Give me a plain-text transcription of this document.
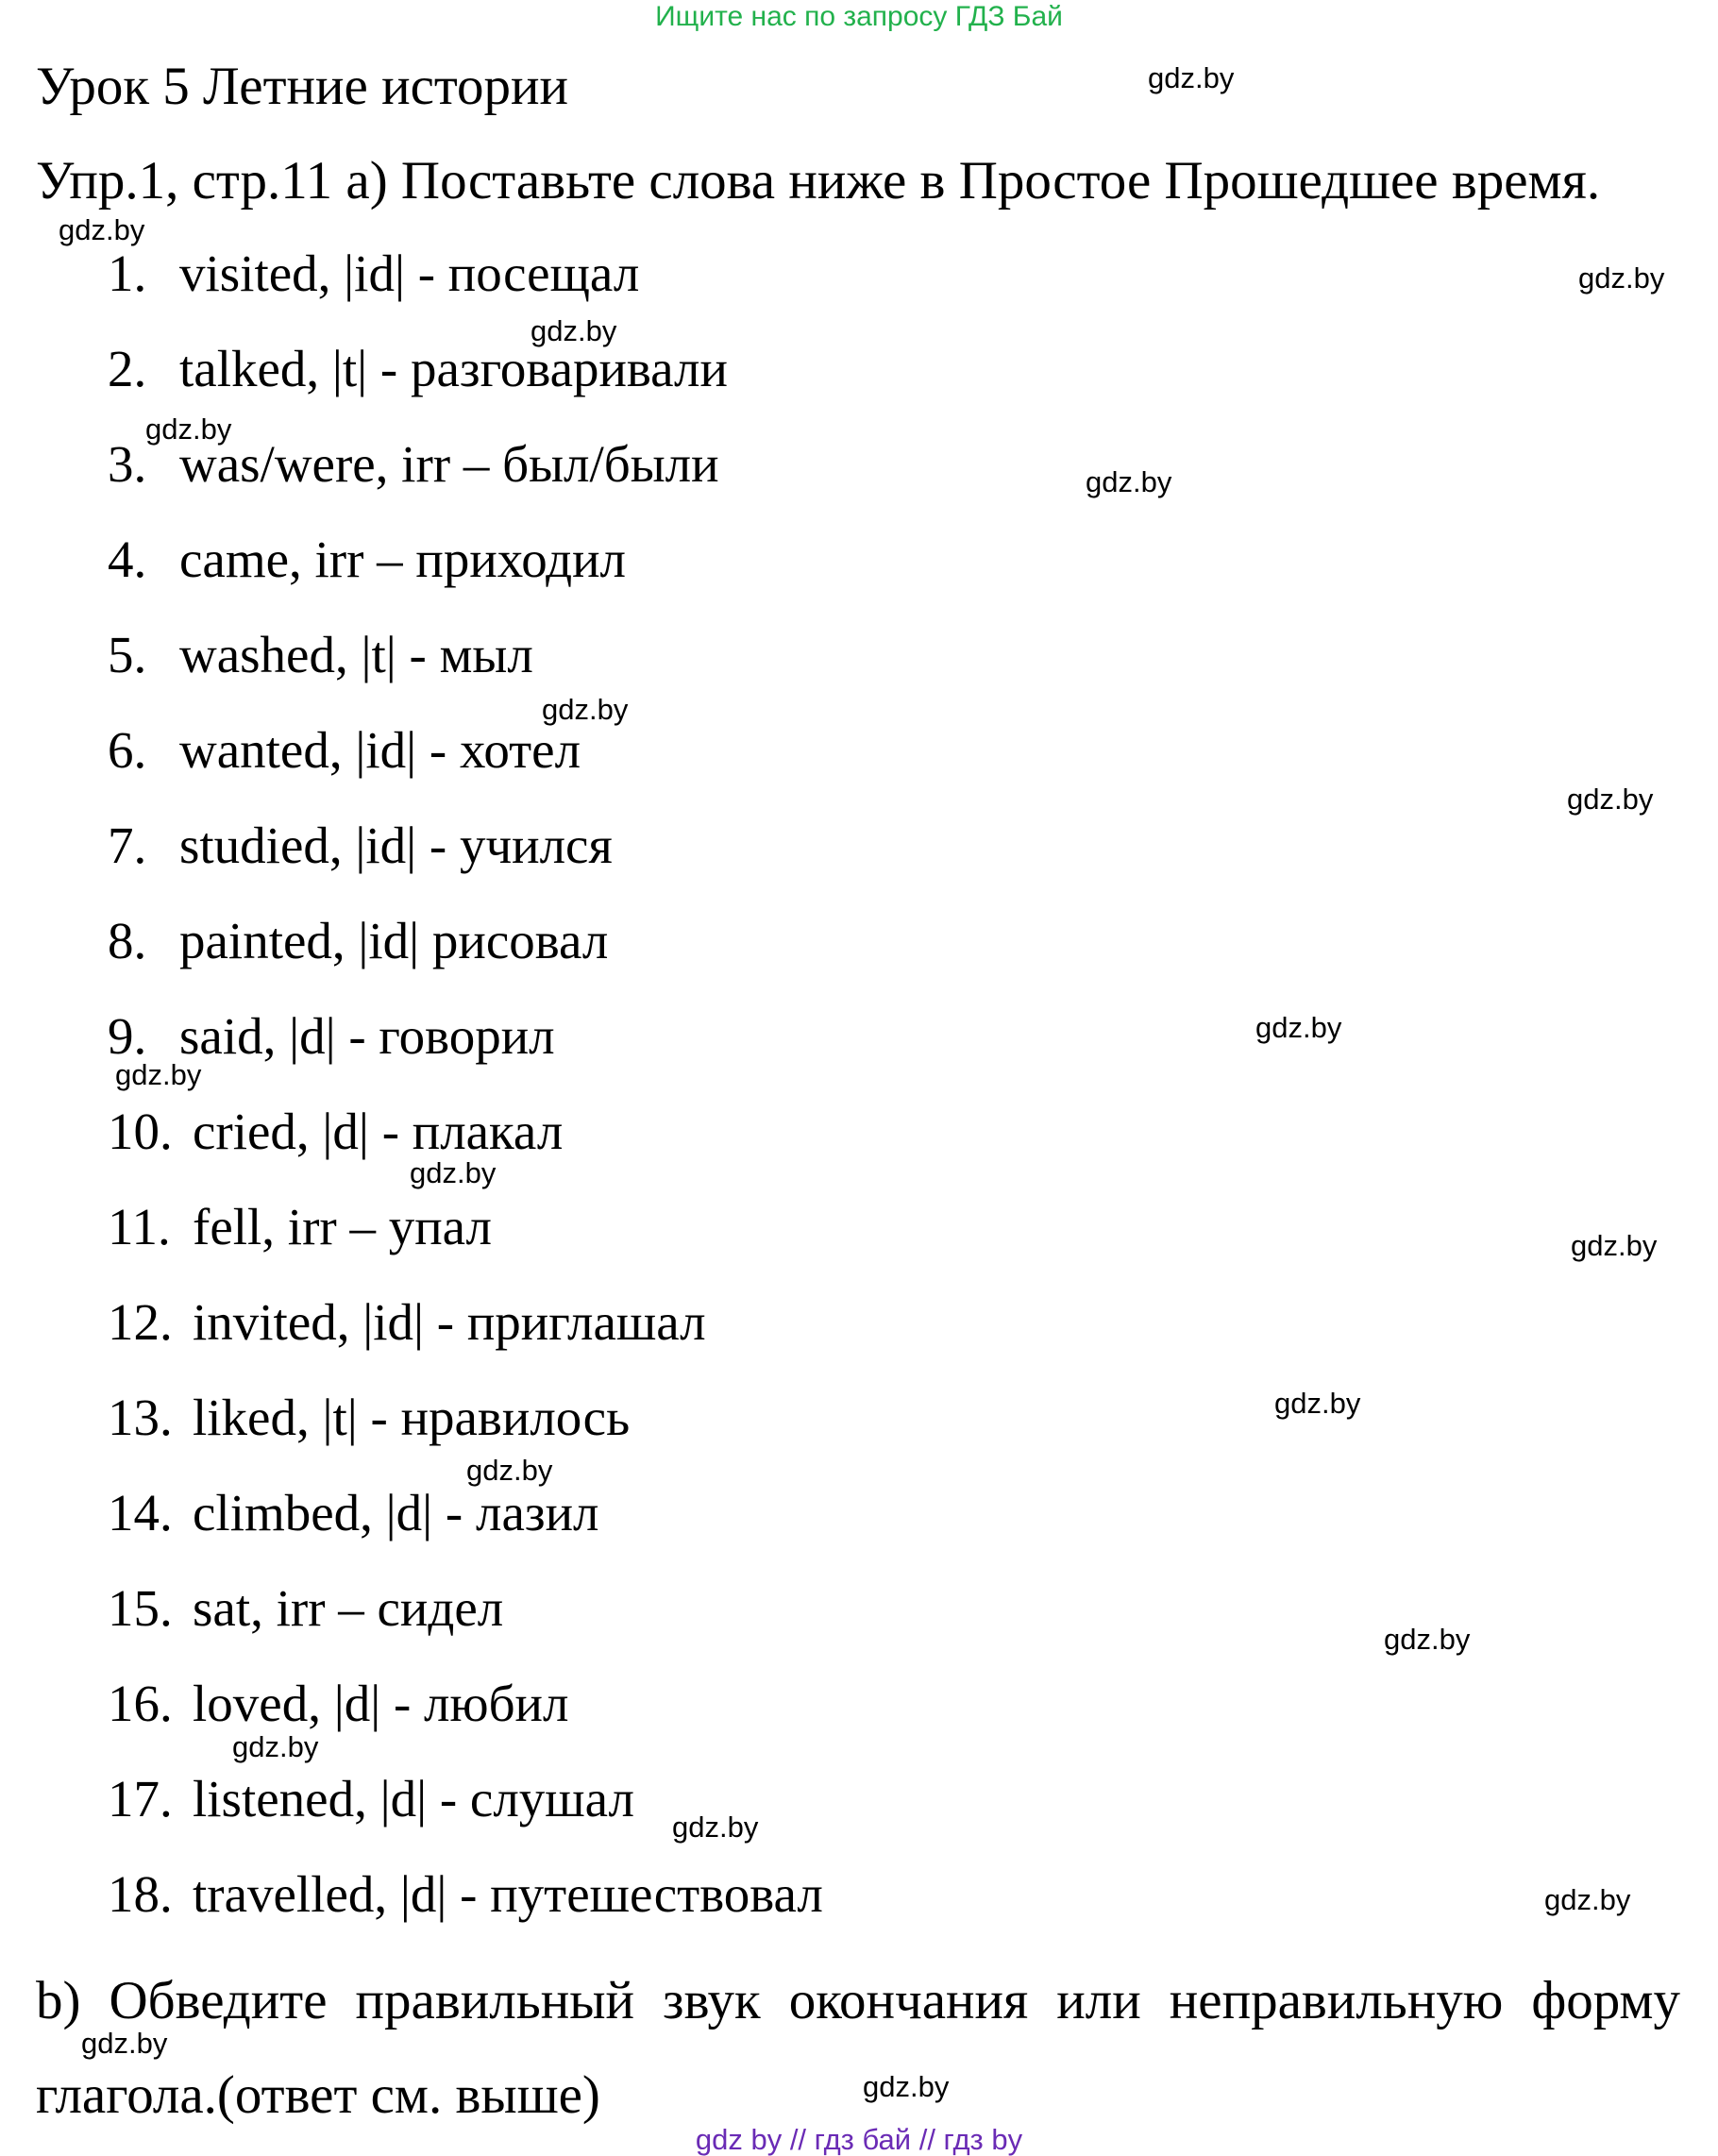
Ищите нас по запросу ГДЗ Бай
Урок 5 Летние истории
Упр.1, стр.11 а) Поставьте слова ниже в Простое Прошедшее время.
1. visited, |id| - посещал
2. talked, |t| - разговаривали
3. was/were, irr – был/были
4. came, irr – приходил
5. washed, |t| - мыл
6. wanted, |id| - хотел
7. studied, |id| - учился
8. painted, |id| рисовал
9. said, |d| - говорил
10. cried, |d| - плакал
11. fell, irr – упал
12. invited, |id| - приглашал
13. liked, |t| - нравилось
14. climbed, |d| - лазил
15. sat, irr – сидел
16. loved, |d| - любил
17. listened, |d| - слушал
18. travelled, |d| - путешествовал
b) Обведите правильный звук окончания или неправильную форму глагола.(ответ см. выше)
gdz.by
gdz.by
gdz.by
gdz.by
gdz.by
gdz.by
gdz.by
gdz.by
gdz.by
gdz.by
gdz.by
gdz.by
gdz.by
gdz.by
gdz.by
gdz.by
gdz.by
gdz.by
gdz.by
gdz.by
gdz by // гдз бай // гдз by
